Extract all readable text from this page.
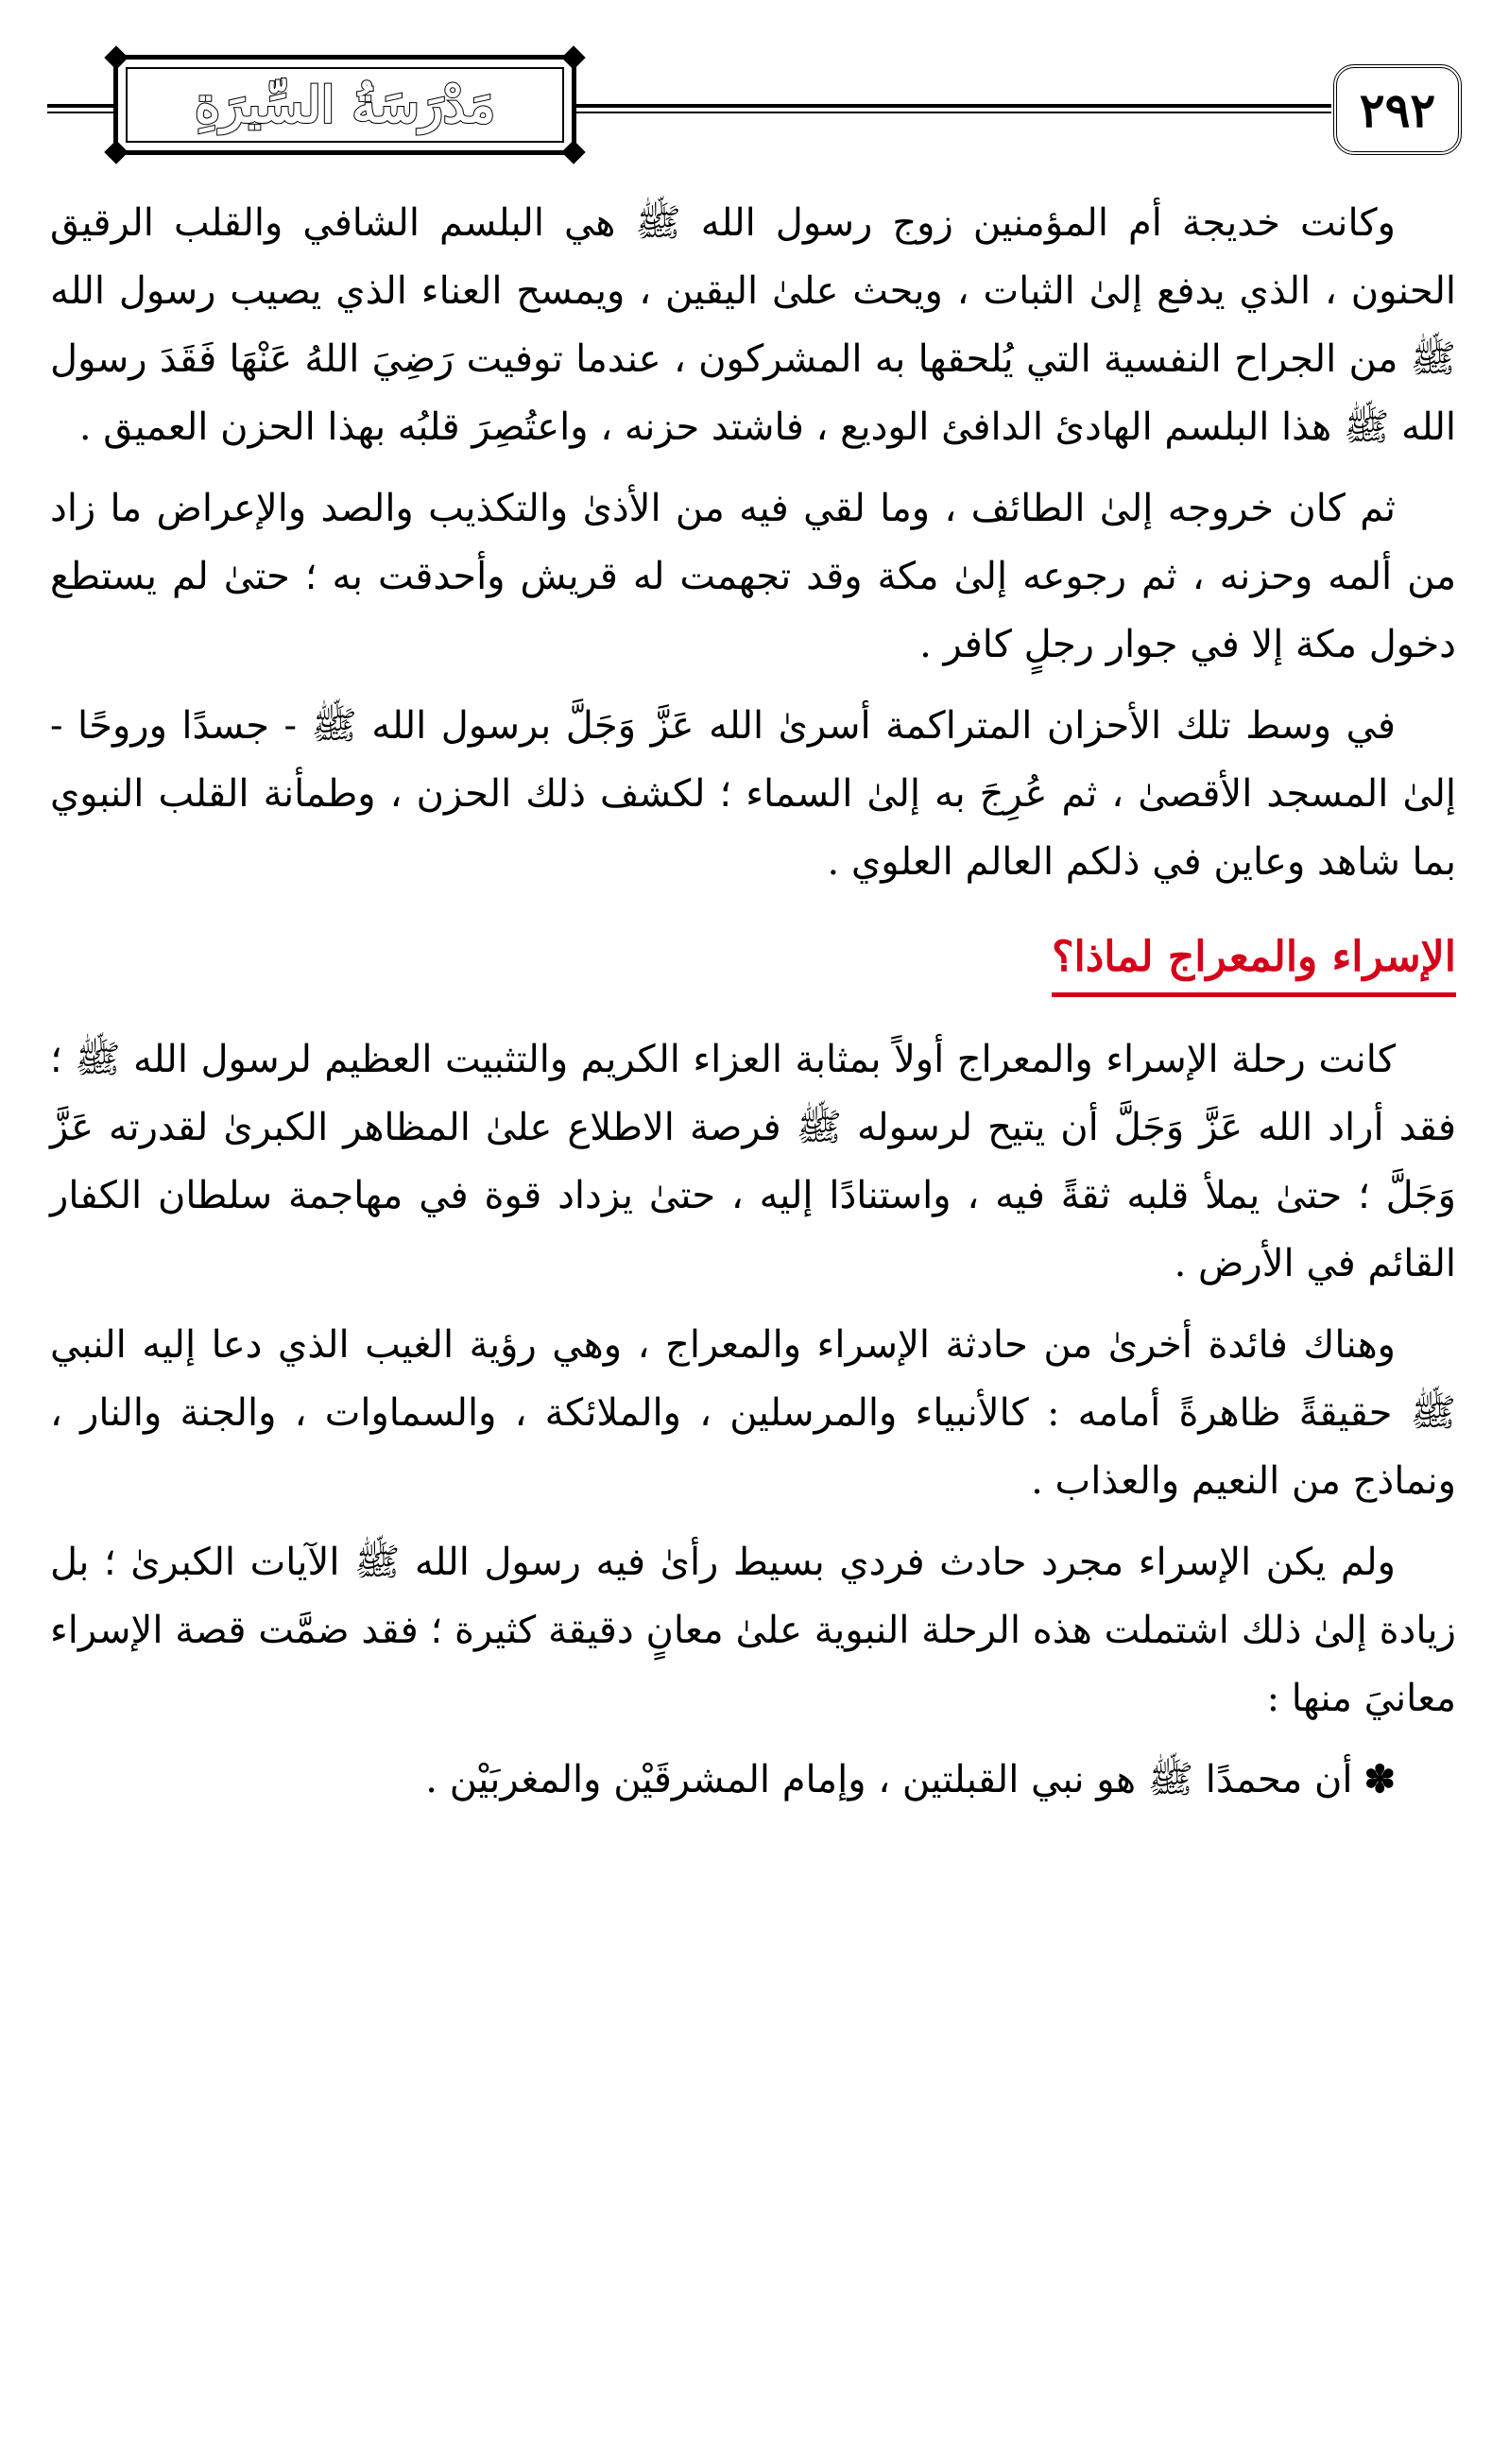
٢٩٢
مَدْرَسَةُ السِّيرَةِ

وكانت خديجة أم المؤمنين زوج رسول الله ﷺ هي البلسم الشافي والقلب الرقيق الحنون ، الذي يدفع إلىٰ الثبات ، ويحث علىٰ اليقين ، ويمسح العناء الذي يصيب رسول الله ﷺ من الجراح النفسية التي يُلحقها به المشركون ، عندما توفيت رَضِيَ اللهُ عَنْهَا فَقَدَ رسول الله ﷺ هذا البلسم الهادئ الدافئ الوديع ، فاشتد حزنه ، واعتُصِرَ قلبُه بهذا الحزن العميق .

ثم كان خروجه إلىٰ الطائف ، وما لقي فيه من الأذىٰ والتكذيب والصد والإعراض ما زاد من ألمه وحزنه ، ثم رجوعه إلىٰ مكة وقد تجهمت له قريش وأحدقت به ؛ حتىٰ لم يستطع دخول مكة إلا في جوار رجلٍ كافر .

في وسط تلك الأحزان المتراكمة أسرىٰ الله عَزَّ وَجَلَّ برسول الله ﷺ - جسدًا وروحًا - إلىٰ المسجد الأقصىٰ ، ثم عُرِجَ به إلىٰ السماء ؛ لكشف ذلك الحزن ، وطمأنة القلب النبوي بما شاهد وعاين في ذلكم العالم العلوي .

الإسراء والمعراج لماذا؟

كانت رحلة الإسراء والمعراج أولاً بمثابة العزاء الكريم والتثبيت العظيم لرسول الله ﷺ ؛ فقد أراد الله عَزَّ وَجَلَّ أن يتيح لرسوله ﷺ فرصة الاطلاع علىٰ المظاهر الكبرىٰ لقدرته عَزَّ وَجَلَّ ؛ حتىٰ يملأ قلبه ثقةً فيه ، واستنادًا إليه ، حتىٰ يزداد قوة في مهاجمة سلطان الكفار القائم في الأرض .

وهناك فائدة أخرىٰ من حادثة الإسراء والمعراج ، وهي رؤية الغيب الذي دعا إليه النبي ﷺ حقيقةً ظاهرةً أمامه : كالأنبياء والمرسلين ، والملائكة ، والسماوات ، والجنة والنار ، ونماذج من النعيم والعذاب .

ولم يكن الإسراء مجرد حادث فردي بسيط رأىٰ فيه رسول الله ﷺ الآيات الكبرىٰ ؛ بل زيادة إلىٰ ذلك اشتملت هذه الرحلة النبوية علىٰ معانٍ دقيقة كثيرة ؛ فقد ضمَّت قصة الإسراء معانيَ منها :

✽أن محمدًا ﷺ هو نبي القبلتين ، وإمام المشرقَيْن والمغربَيْن .
